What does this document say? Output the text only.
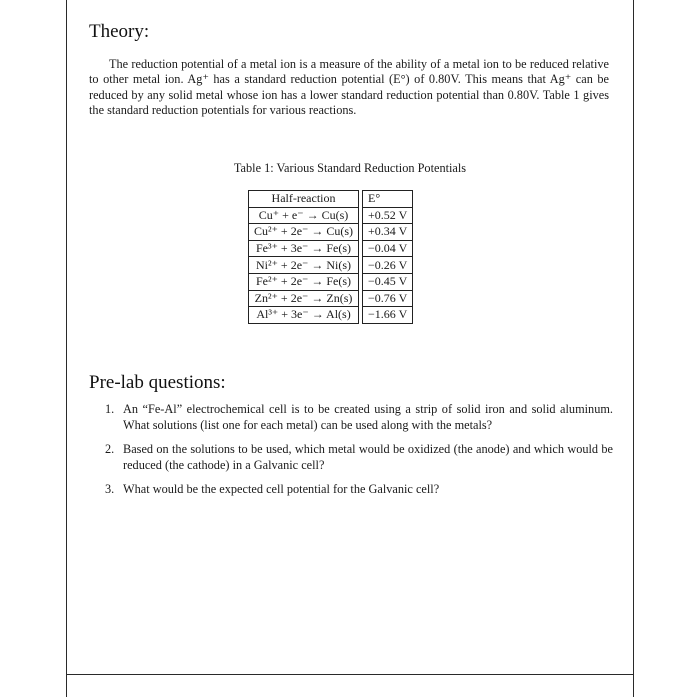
Theory:

The reduction potential of a metal ion is a measure of the ability of a metal ion to be reduced relative to other metal ion. Ag⁺ has a standard reduction potential (E°) of 0.80V. This means that Ag⁺ can be reduced by any solid metal whose ion has a lower standard reduction potential than 0.80V. Table 1 gives the standard reduction potentials for various reactions.

Table 1: Various Standard Reduction Potentials
Half-reaction		E°
Cu⁺ + e⁻ → Cu(s)		+0.52 V
Cu²⁺ + 2e⁻ → Cu(s)		+0.34 V
Fe³⁺ + 3e⁻ → Fe(s)		−0.04 V
Ni²⁺ + 2e⁻ → Ni(s)		−0.26 V
Fe²⁺ + 2e⁻ → Fe(s)		−0.45 V
Zn²⁺ + 2e⁻ → Zn(s)		−0.76 V
Al³⁺ + 3e⁻ → Al(s)		−1.66 V
Pre-lab questions:
1. An “Fe-Al” electrochemical cell is to be created using a strip of solid iron and solid aluminum. What solutions (list one for each metal) can be used along with the metals?
2. Based on the solutions to be used, which metal would be oxidized (the anode) and which would be reduced (the cathode) in a Galvanic cell?
3. What would be the expected cell potential for the Galvanic cell?
